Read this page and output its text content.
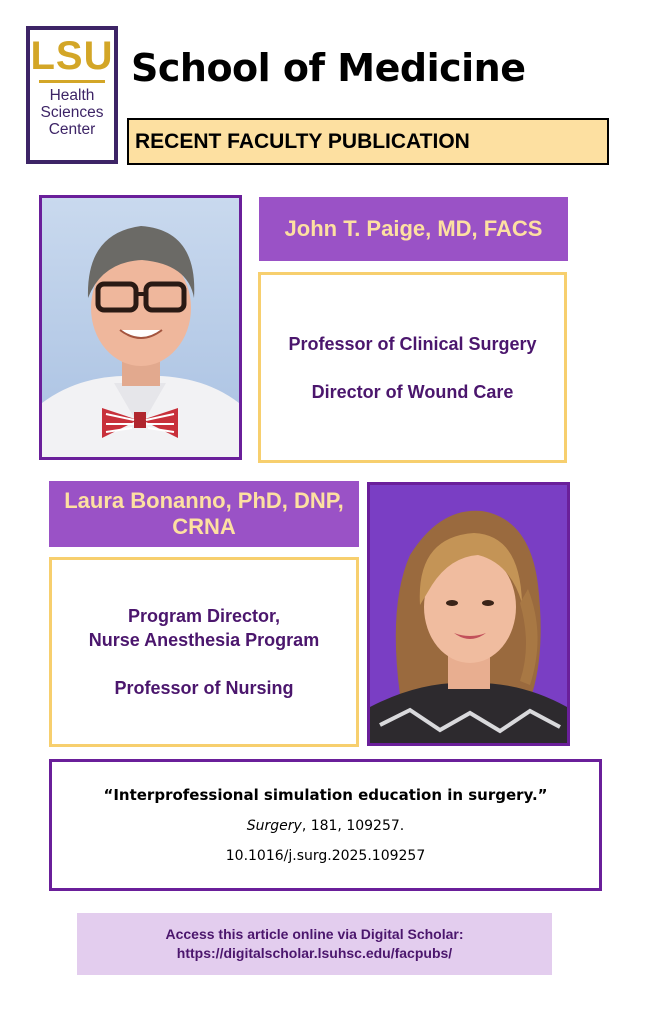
LSU
Health
Sciences
Center
School of Medicine
RECENT FACULTY PUBLICATION
John T. Paige, MD, FACS
Professor of Clinical Surgery
Director of Wound Care
Laura Bonanno, PhD, DNP, CRNA
Program Director,
Nurse Anesthesia Program
Professor of Nursing
“Interprofessional simulation education in surgery.”
Surgery, 181, 109257.
10.1016/j.surg.2025.109257
Access this article online via Digital Scholar:
https://digitalscholar.lsuhsc.edu/facpubs/
